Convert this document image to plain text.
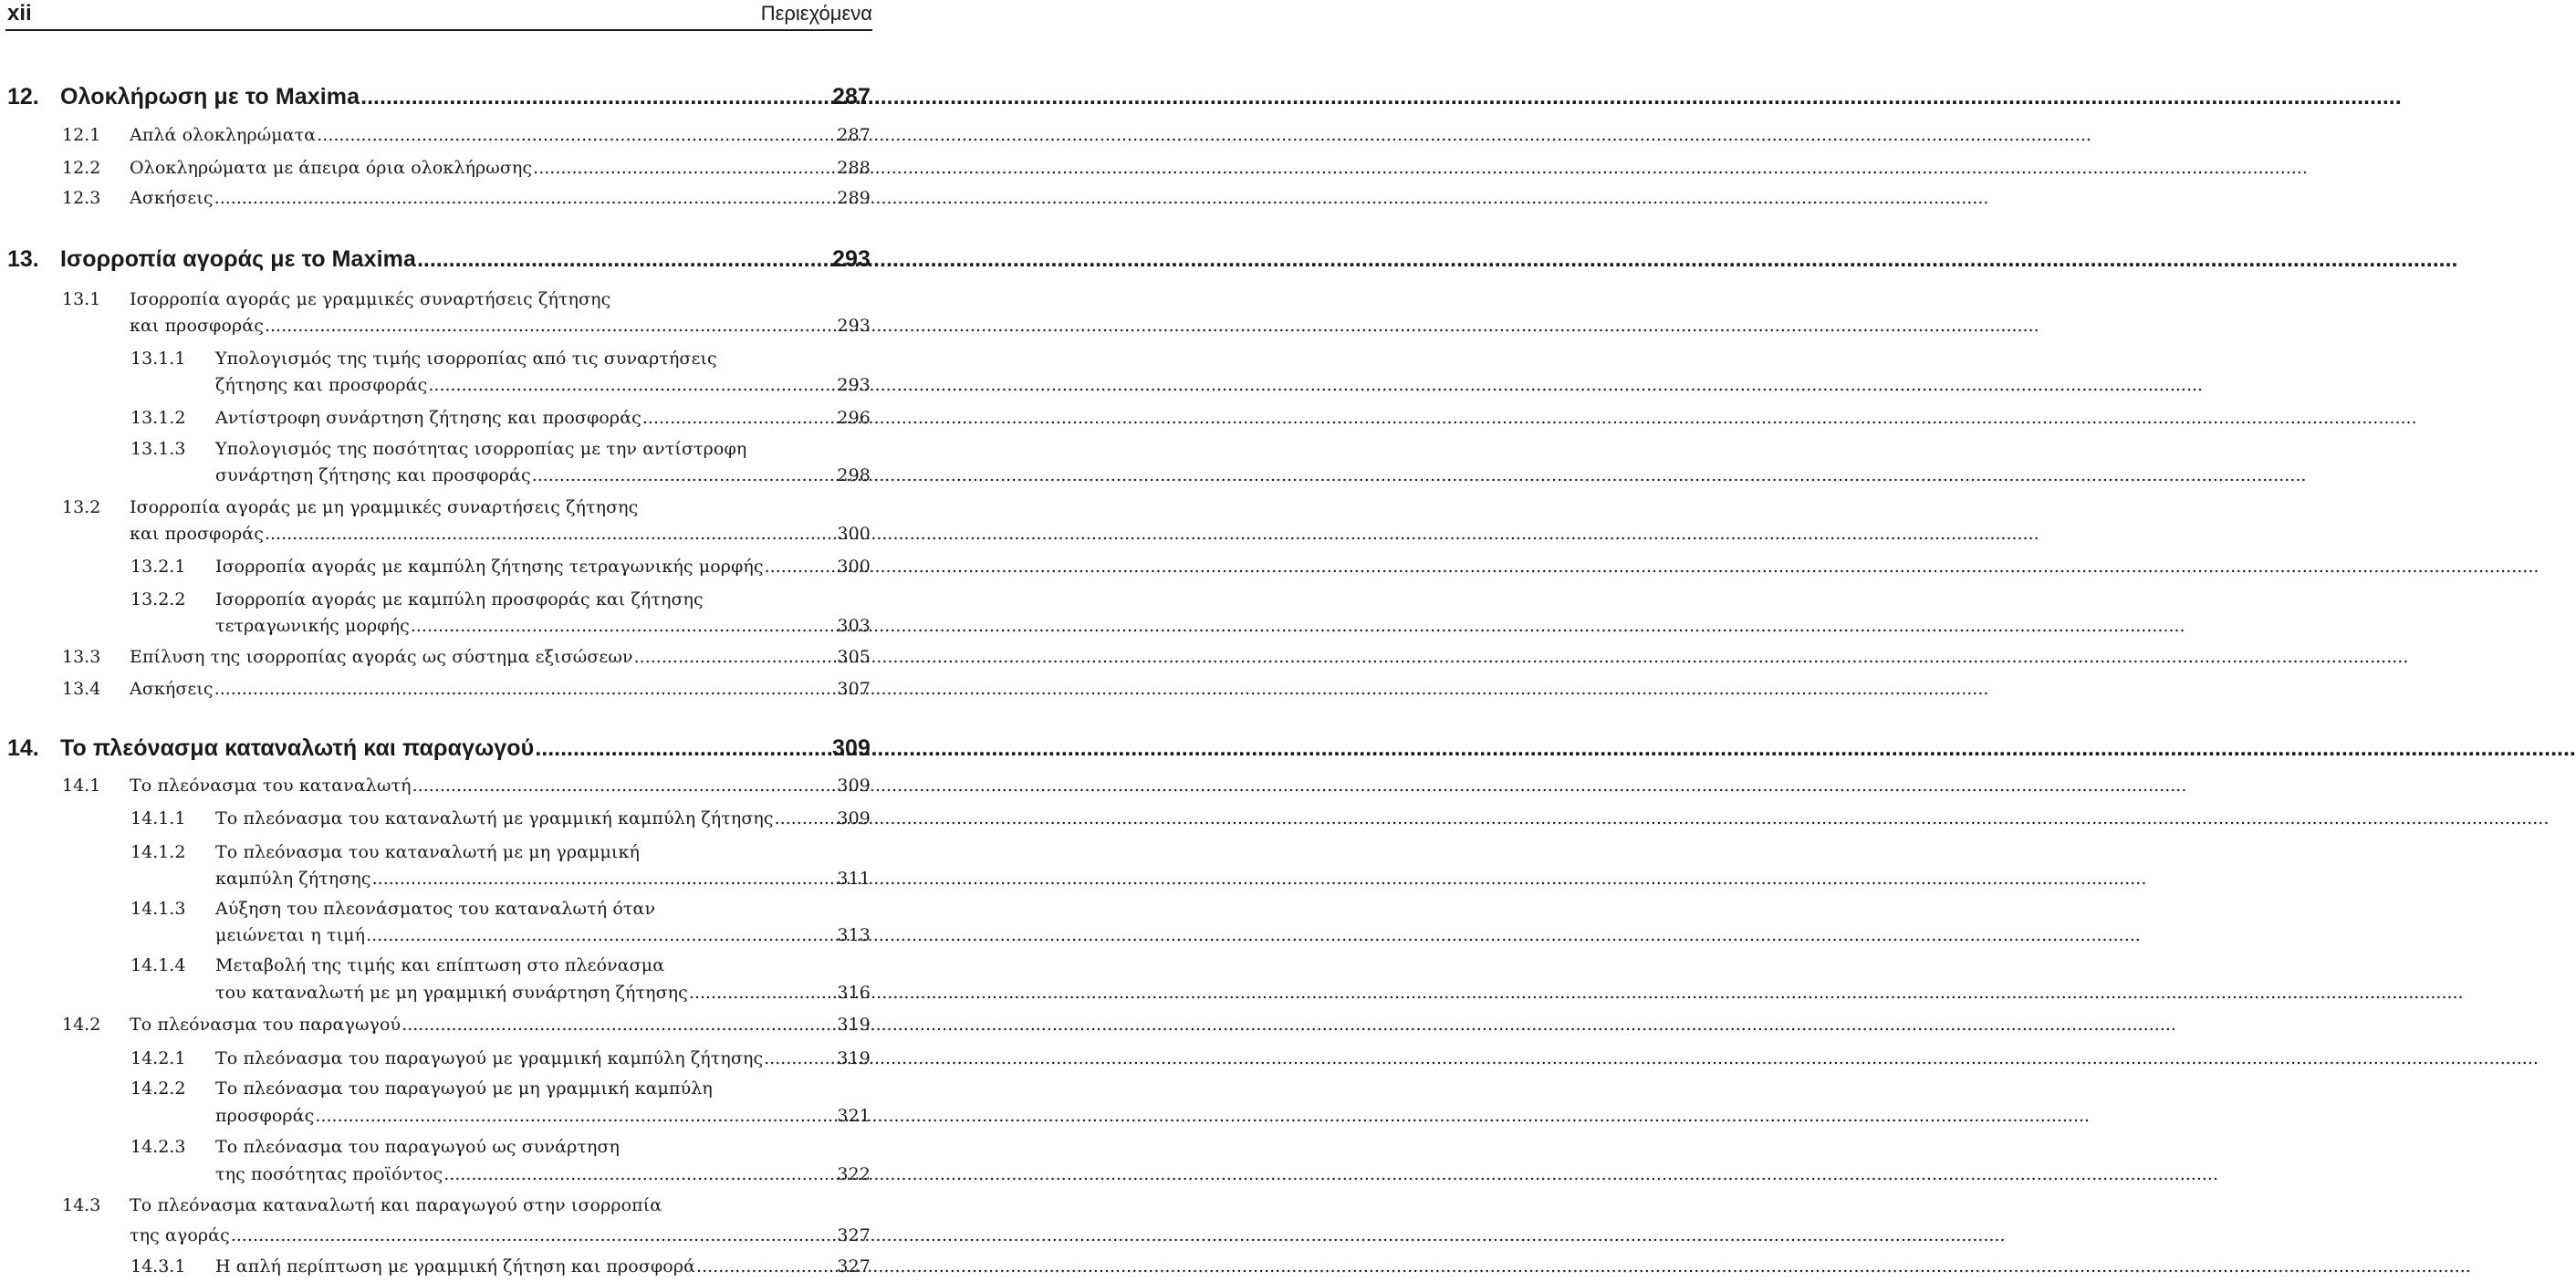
xii	Περιεχόμενα
12. Ολοκλήρωση με το Maxima .....	287
12.1 Απλά ολοκληρώματα .....	287
12.2 Ολοκληρώματα με άπειρα όρια ολοκλήρωσης .....	288
12.3 Ασκήσεις .....	289
13. Ισορροπία αγοράς με το Maxima .....	293
13.1 Ισορροπία αγοράς με γραμμικές συναρτήσεις ζήτησης
και προσφοράς .....	293
13.1.1 Υπολογισμός της τιμής ισορροπίας από τις συναρτήσεις
ζήτησης και προσφοράς .....	293
13.1.2 Αντίστροφη συνάρτηση ζήτησης και προσφοράς .....	296
13.1.3 Υπολογισμός της ποσότητας ισορροπίας με την αντίστροφη
συνάρτηση ζήτησης και προσφοράς .....	298
13.2 Ισορροπία αγοράς με μη γραμμικές συναρτήσεις ζήτησης
και προσφοράς .....	300
13.2.1 Ισορροπία αγοράς με καμπύλη ζήτησης τετραγωνικής μορφής .....	300
13.2.2 Ισορροπία αγοράς με καμπύλη προσφοράς και ζήτησης
τετραγωνικής μορφής .....	303
13.3 Επίλυση της ισορροπίας αγοράς ως σύστημα εξισώσεων .....	305
13.4 Ασκήσεις .....	307
14. Το πλεόνασμα καταναλωτή και παραγωγού .....	309
14.1 Το πλεόνασμα του καταναλωτή .....	309
14.1.1 Το πλεόνασμα του καταναλωτή με γραμμική καμπύλη ζήτησης .....	309
14.1.2 Το πλεόνασμα του καταναλωτή με μη γραμμική
καμπύλη ζήτησης .....	311
14.1.3 Αύξηση του πλεονάσματος του καταναλωτή όταν
μειώνεται η τιμή .....	313
14.1.4 Μεταβολή της τιμής και επίπτωση στο πλεόνασμα
του καταναλωτή με μη γραμμική συνάρτηση ζήτησης .....	316
14.2 Το πλεόνασμα του παραγωγού .....	319
14.2.1 Το πλεόνασμα του παραγωγού με γραμμική καμπύλη ζήτησης .....	319
14.2.2 Το πλεόνασμα του παραγωγού με μη γραμμική καμπύλη
προσφοράς .....	321
14.2.3 Το πλεόνασμα του παραγωγού ως συνάρτηση
της ποσότητας προϊόντος .....	322
14.3 Το πλεόνασμα καταναλωτή και παραγωγού στην ισορροπία
της αγοράς .....	327
14.3.1 Η απλή περίπτωση με γραμμική ζήτηση και προσφορά .....	327
